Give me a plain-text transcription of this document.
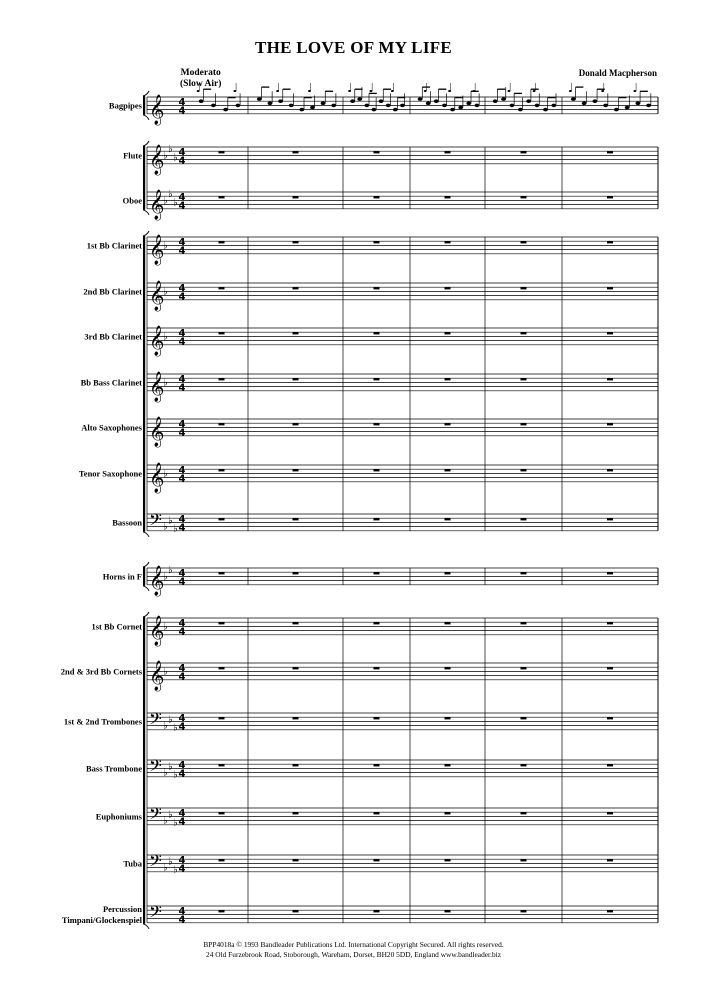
THE LOVE OF MY LIFE
Donald Macpherson
Moderato
(Slow Air)
Bagpipes 𝄞 4
4
Flute 𝄞
♭
♭
♭
4
4
Oboe 𝄞
♭
♭
♭
4
4
1st Bb Clarinet 𝄞
♭ 4
4
2nd Bb Clarinet 𝄞
♭ 4
4
3rd Bb Clarinet 𝄞
♭ 4
4
Bb Bass Clarinet 𝄞
♭ 4
4
Alto Saxophones 𝄞 4
4
Tenor Saxophone 𝄞
♭ 4
4
Bassoon 𝄢 ♭
♭
♭
4
4
Horns in F 𝄞
♭
♭ 4
4
1st Bb Cornet 𝄞
♭ 4
4
2nd & 3rd Bb Cornets 𝄞
♭ 4
4
1st & 2nd Trombones 𝄢 ♭
♭
♭
4
4
Bass Trombone 𝄢 ♭
♭
♭
4
4
Euphoniums 𝄢 ♭
♭
♭
4
4
Tuba 𝄢 ♭
♭
♭
4
4
Percussion
Timpani/Glockenspiel 𝄢 4
4
BPP4018a © 1993 Bandleader Publications Ltd. International Copyright Secured. All rights reserved.
24 Old Furzebrook Road, Stoborough, Wareham, Dorset, BH20 5DD, England www.bandleader.biz
